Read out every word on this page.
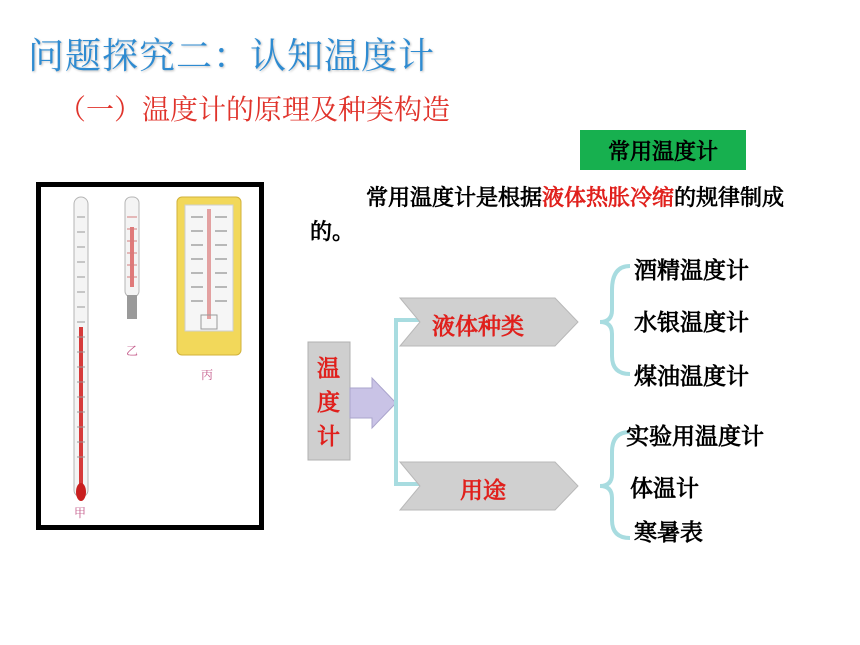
问题探究二：认知温度计
（一）温度计的原理及种类构造
常用温度计
甲
乙
丙
常用温度计是根据液体热胀冷缩的规律制成的。
温
度
计
液体种类
用途
酒精温度计
水银温度计
煤油温度计
实验用温度计
体温计
寒暑表
